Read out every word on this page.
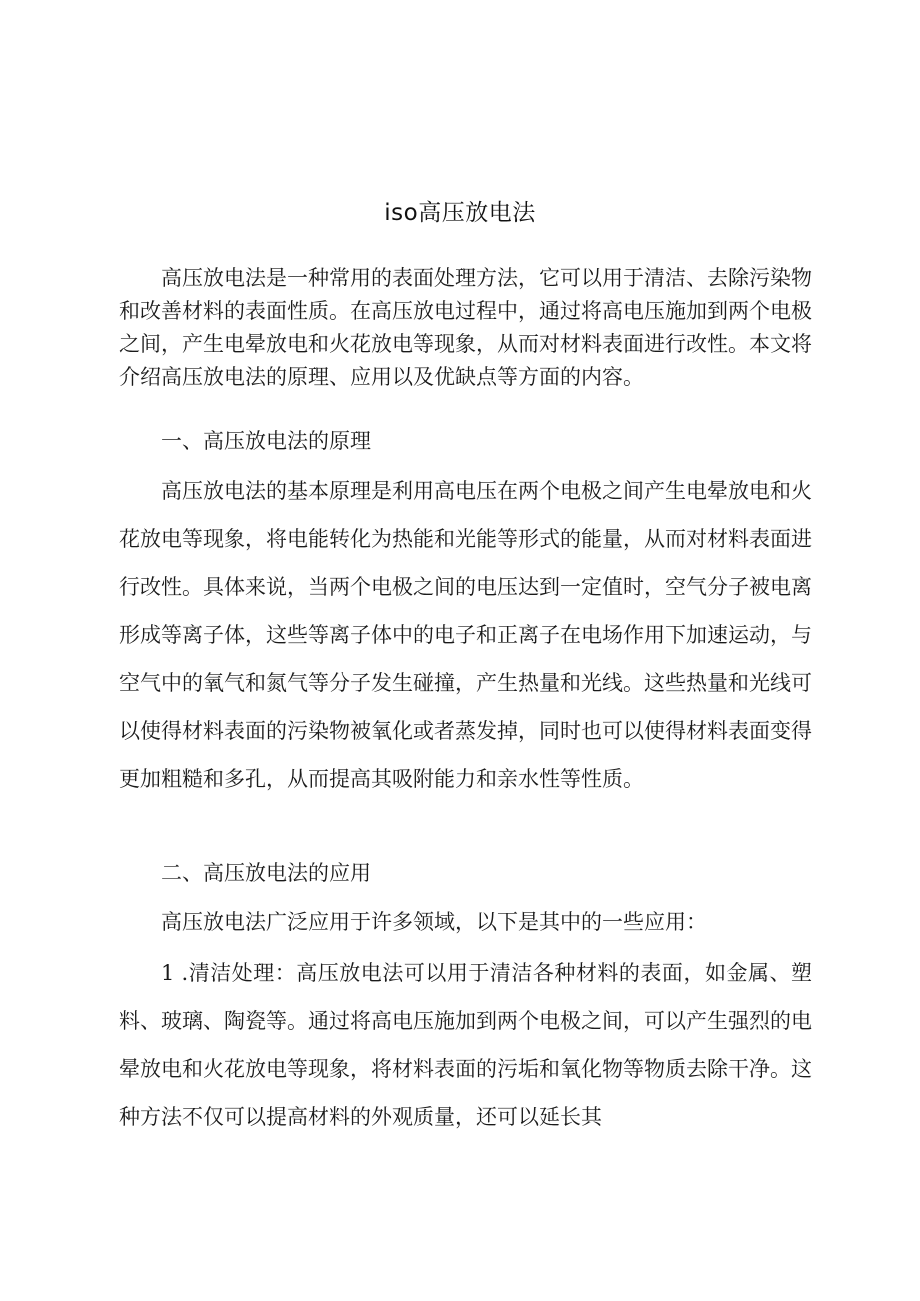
iso高压放电法

高压放电法是一种常用的表面处理方法，它可以用于清洁、去除污染物和改善材料的表面性质。在高压放电过程中，通过将高电压施加到两个电极之间，产生电晕放电和火花放电等现象，从而对材料表面进行改性。本文将介绍高压放电法的原理、应用以及优缺点等方面的内容。

一、高压放电法的原理

高压放电法的基本原理是利用高电压在两个电极之间产生电晕放电和火花放电等现象，将电能转化为热能和光能等形式的能量，从而对材料表面进行改性。具体来说，当两个电极之间的电压达到一定值时，空气分子被电离形成等离子体，这些等离子体中的电子和正离子在电场作用下加速运动，与空气中的氧气和氮气等分子发生碰撞，产生热量和光线。这些热量和光线可以使得材料表面的污染物被氧化或者蒸发掉，同时也可以使得材料表面变得更加粗糙和多孔，从而提高其吸附能力和亲水性等性质。

二、高压放电法的应用

高压放电法广泛应用于许多领域，以下是其中的一些应用：

1 .清洁处理：高压放电法可以用于清洁各种材料的表面，如金属、塑料、玻璃、陶瓷等。通过将高电压施加到两个电极之间，可以产生强烈的电晕放电和火花放电等现象，将材料表面的污垢和氧化物等物质去除干净。这种方法不仅可以提高材料的外观质量，还可以延长其
